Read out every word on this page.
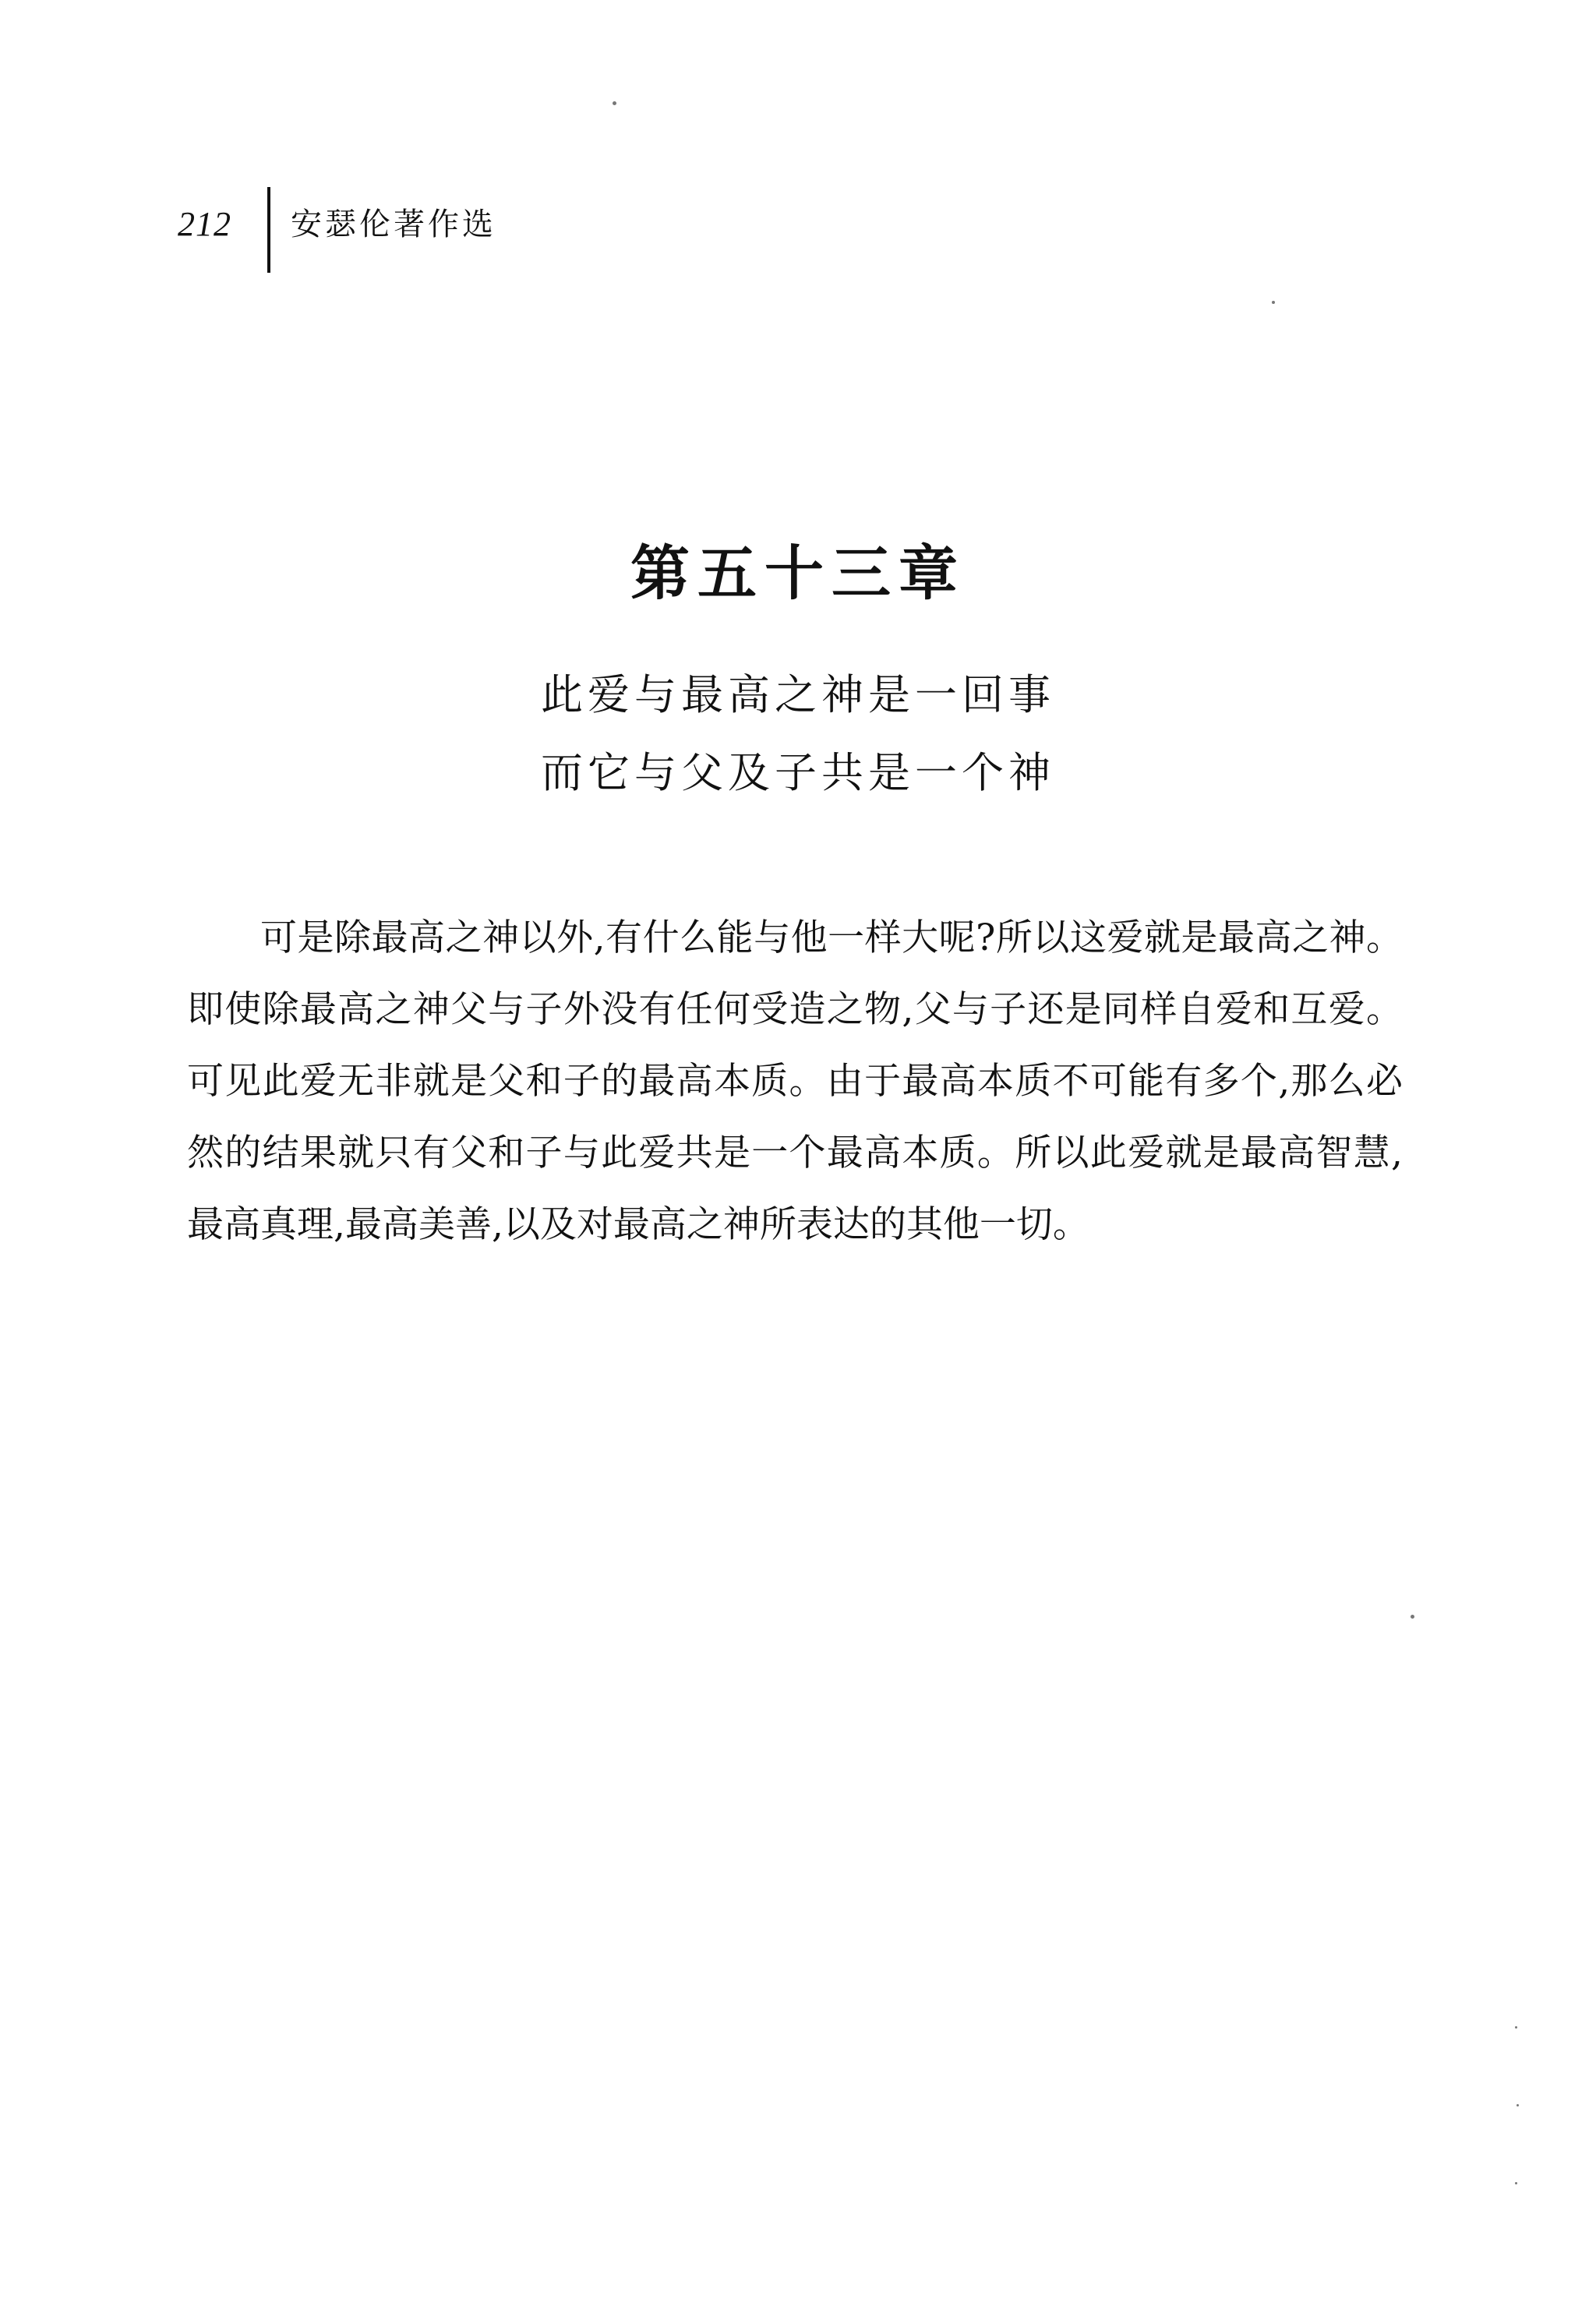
212 安瑟伦著作选
第五十三章
此爱与最高之神是一回事
而它与父及子共是一个神

可是除最高之神以外,有什么能与他一样大呢?所以这爱就是最高之神。即使除最高之神父与子外没有任何受造之物,父与子还是同样自爱和互爱。可见此爱无非就是父和子的最高本质。由于最高本质不可能有多个,那么必然的结果就只有父和子与此爱共是一个最高本质。所以此爱就是最高智慧,最高真理,最高美善,以及对最高之神所表达的其他一切。
